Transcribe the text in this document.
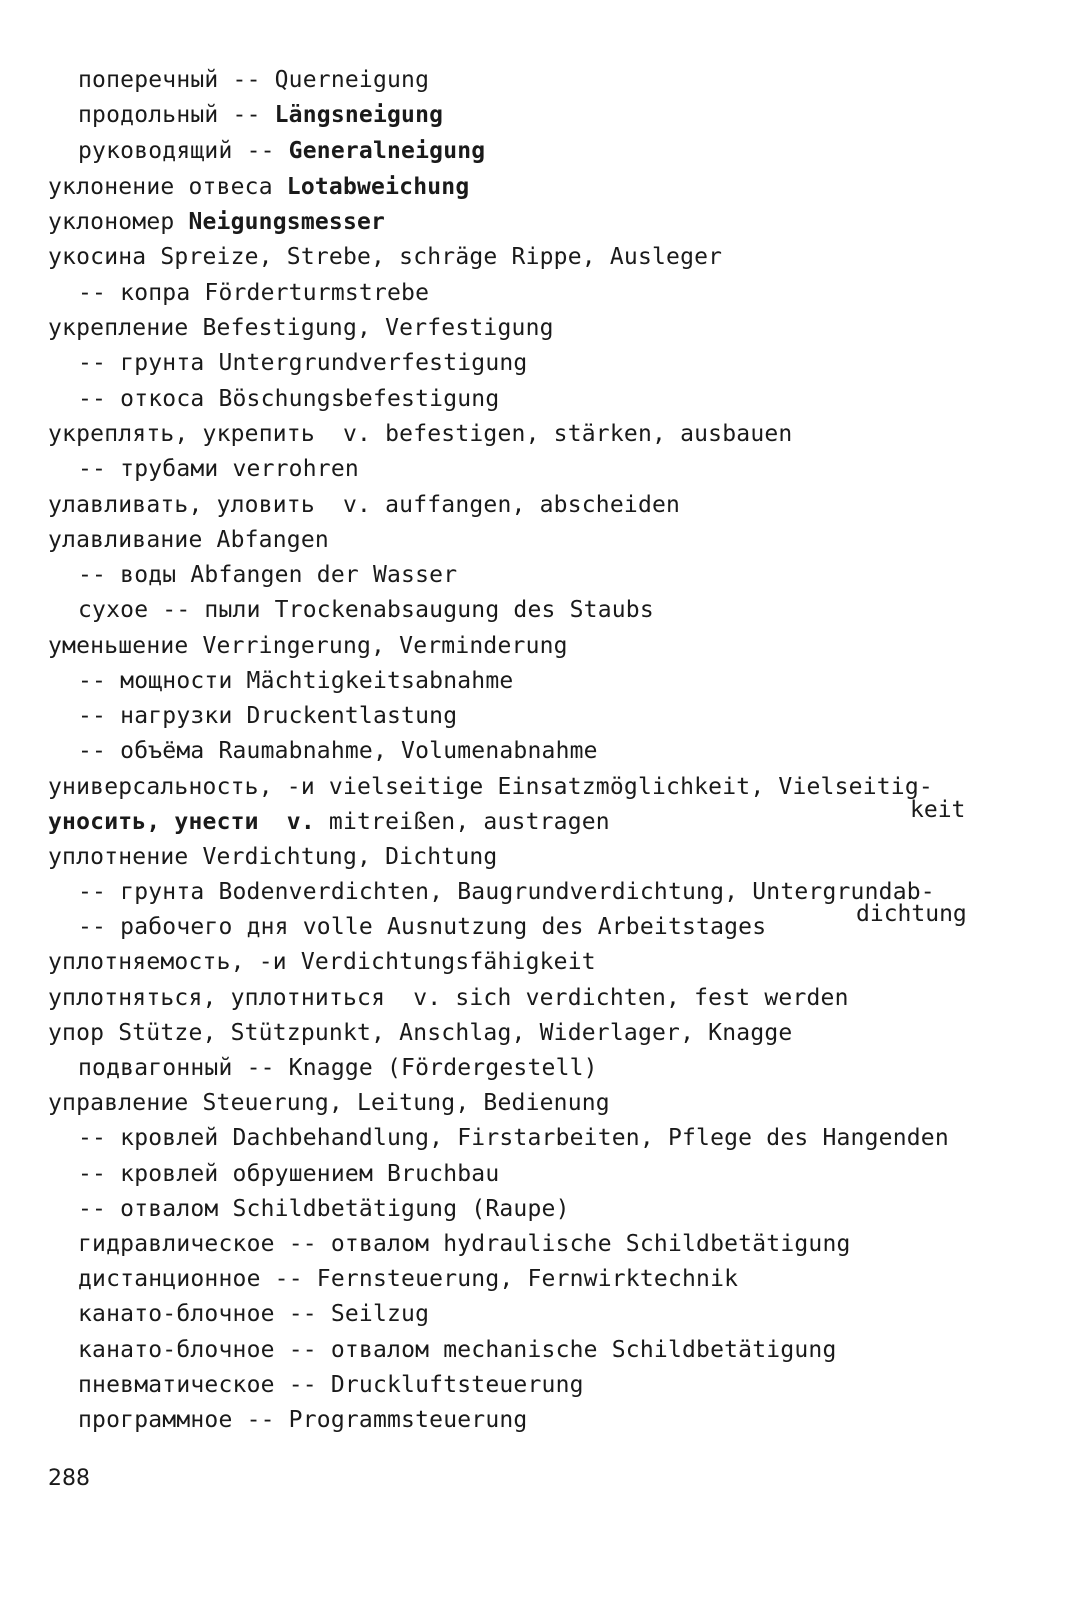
поперечный -- Querneigung
продольный -- Längsneigung
руководящий -- Generalneigung
уклонение отвеса Lotabweichung
уклономер Neigungsmesser
укосина Spreize, Strebe, schräge Rippe, Ausleger
-- копра Förderturmstrebe
укрепление Befestigung, Verfestigung
-- грунта Untergrundverfestigung
-- откоса Böschungsbefestigung
укреплять, укрепить  v. befestigen, stärken, ausbauen
-- трубами verrohren
улавливать, уловить  v. auffangen, abscheiden
улавливание Abfangen
-- воды Abfangen der Wasser
сухое -- пыли Trockenabsaugung des Staubs
уменьшение Verringerung, Verminderung
-- мощности Mächtigkeitsabnahme
-- нагрузки Druckentlastung
-- объёма Raumabnahme, Volumenabnahme
универсальность, -и vielseitige Einsatzmöglichkeit, Vielseitig-
keit
уносить, унести  v. mitreißen, austragen
уплотнение Verdichtung, Dichtung
-- грунта Bodenverdichten, Baugrundverdichtung, Untergrundab-
dichtung
-- рабочего дня volle Ausnutzung des Arbeitstages
уплотняемость, -и Verdichtungsfähigkeit
уплотняться, уплотниться  v. sich verdichten, fest werden
упор Stütze, Stützpunkt, Anschlag, Widerlager, Knagge
подвагонный -- Knagge (Fördergestell)
управление Steuerung, Leitung, Bedienung
-- кровлей Dachbehandlung, Firstarbeiten, Pflege des Hangenden
-- кровлей обрушением Bruchbau
-- отвалом Schildbetätigung (Raupe)
гидравлическое -- отвалом hydraulische Schildbetätigung
дистанционное -- Fernsteuerung, Fernwirktechnik
канато-блочное -- Seilzug
канато-блочное -- отвалом mechanische Schildbetätigung
пневматическое -- Druckluftsteuerung
программное -- Programmsteuerung
288
